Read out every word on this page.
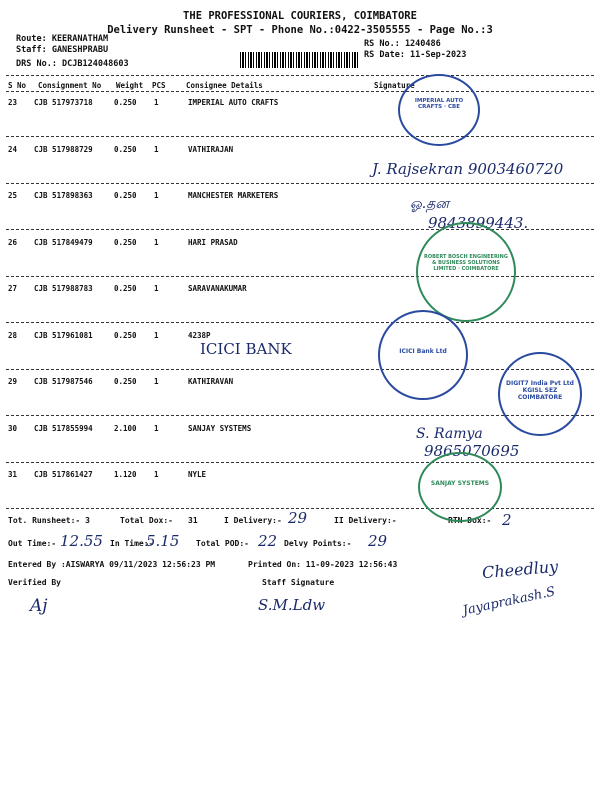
THE PROFESSIONAL COURIERS, COIMBATORE
Delivery Runsheet - SPT - Phone No.:0422-3505555 - Page No.:3
Route: KEERANATHAM
Staff: GANESHPRABU
DRS No.: DCJB124048603
RS No.: 1240486
RS Date: 11-Sep-2023
S No Consignment No Weight PCS	Consignee Details	Signature
23 CJB 517973718	0.250 1	IMPERIAL AUTO CRAFTS
24 CJB 517988729	0.250 1	VATHIRAJAN
25 CJB 517898363	0.250 1	MANCHESTER MARKETERS
26 CJB 517849479	0.250 1	HARI PRASAD
27 CJB 517988783	0.250 1	SARAVANAKUMAR
28 CJB 517961081	0.250 1	4238P
29 CJB 517987546	0.250 1	KATHIRAVAN
30 CJB 517855994	2.100 1	SANJAY SYSTEMS
31 CJB 517861427	1.120 1	NYLE
Tot. Runsheet:- 3	Total Dox:- 31	I Delivery:-	II Delivery:-	RTN Dox:-
Out Time:-	In Time:-	Total POD:-	Delvy Points:-
Entered By :AISWARYA 09/11/2023 12:56:23 PM	Printed On: 11-09-2023 12:56:43
Verified By	Staff Signature
29	2
12.55	5.15	22	29
J. Rajsekran 9003460720
ஓ.தன
9843899443.
ICICI BANK
S. Ramya
9865070695
Cheedluy
Jayaprakash.S
S.M.Ldw
Aj
IMPERIAL AUTO CRAFTS · CBE
ROBERT BOSCH ENGINEERING & BUSINESS SOLUTIONS LIMITED · COIMBATORE
ICICI Bank Ltd
DIGIT7 India Pvt Ltd KGISL SEZ COIMBATORE
SANJAY SYSTEMS
